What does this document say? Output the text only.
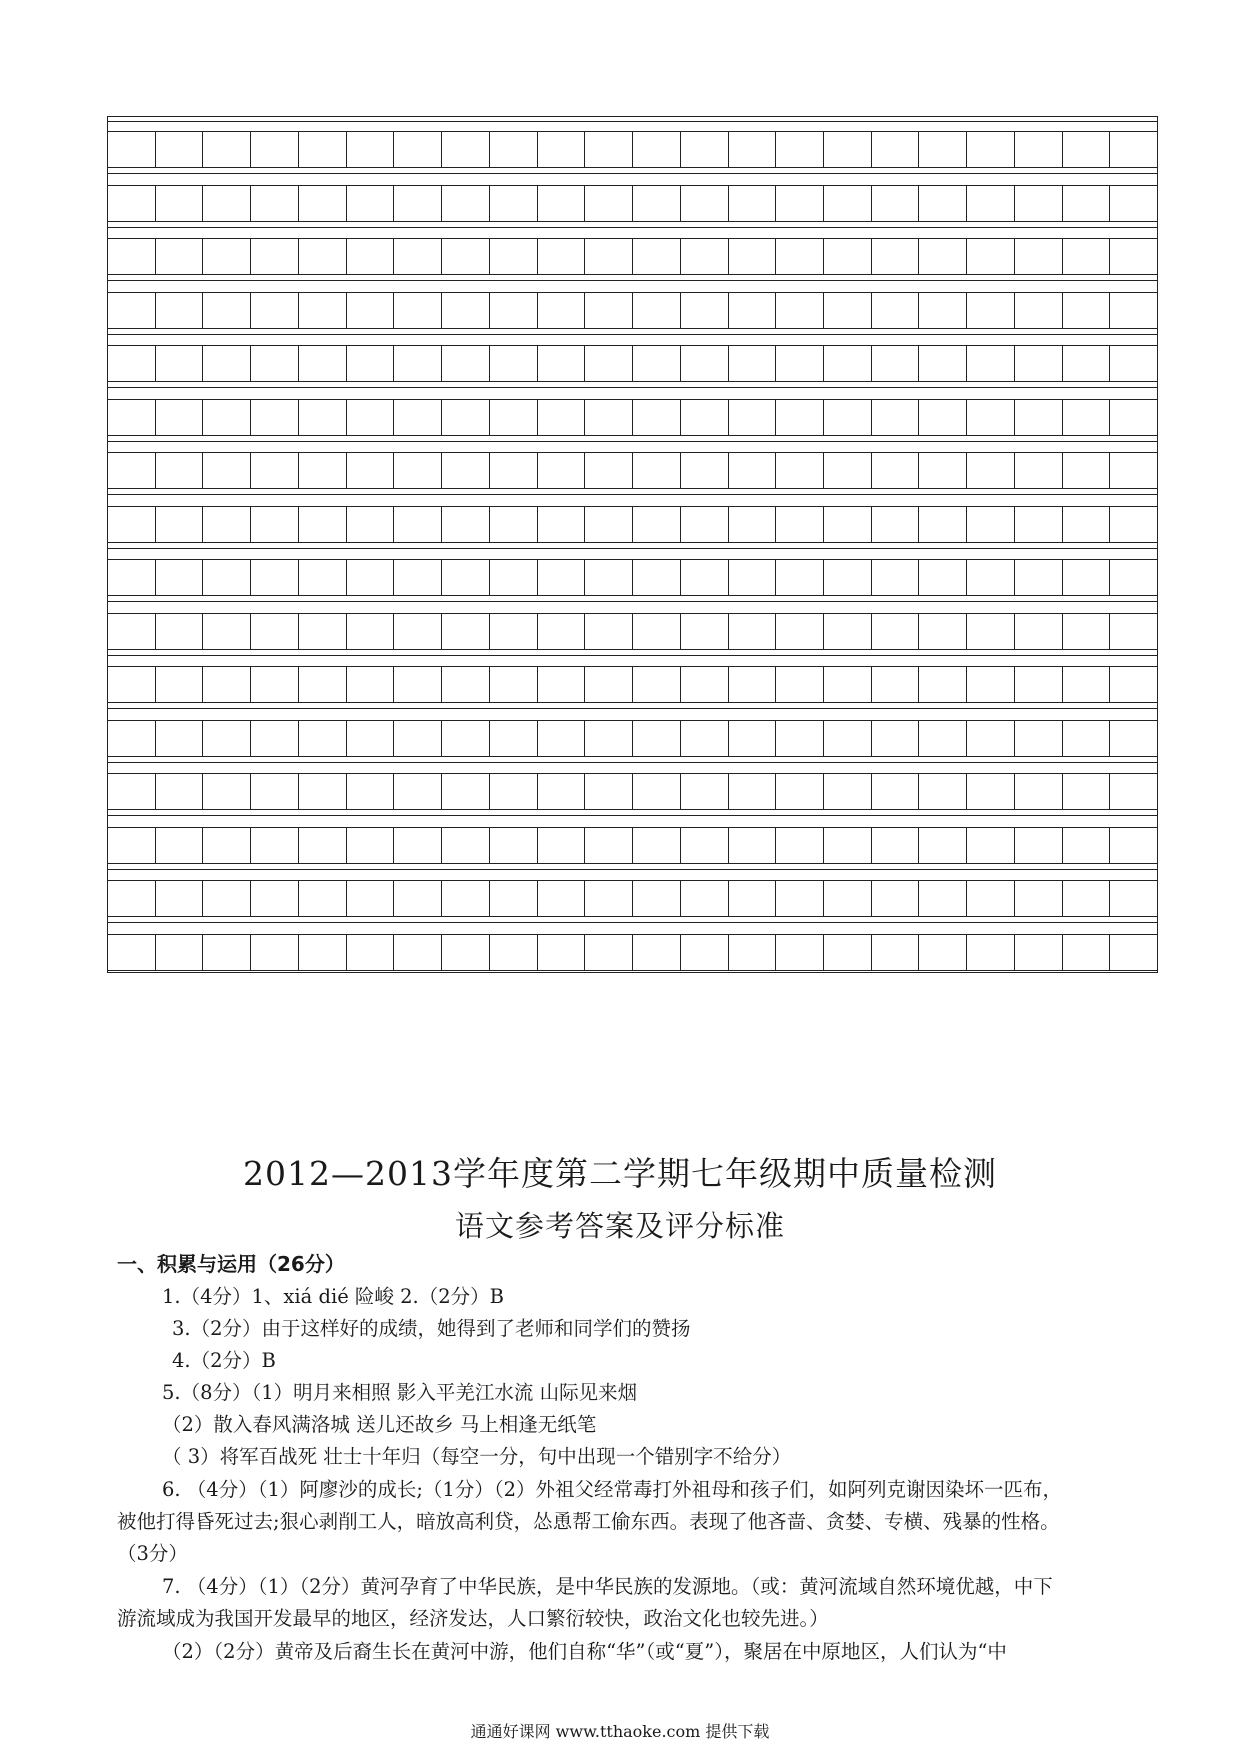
2012—2013学年度第二学期七年级期中质量检测
语文参考答案及评分标准
一、积累与运用（26分）
1.（4分）1、xiá dié 险峻 2.（2分）B
3.（2分）由于这样好的成绩，她得到了老师和同学们的赞扬
4.（2分）B
5.（8分）（1）明月来相照 影入平羌江水流 山际见来烟
（2）散入春风满洛城 送儿还故乡 马上相逢无纸笔
（ 3）将军百战死 壮士十年归（每空一分，句中出现一个错别字不给分）
6. （4分）（1）阿廖沙的成长;（1分）（2）外祖父经常毒打外祖母和孩子们，如阿列克谢因染坏一匹布，
被他打得昏死过去;狠心剥削工人，暗放高利贷，怂恿帮工偷东西。表现了他吝啬、贪婪、专横、残暴的性格。
（3分）
7. （4分）（1）（2分）黄河孕育了中华民族，是中华民族的发源地。（或：黄河流域自然环境优越，中下
游流域成为我国开发最早的地区，经济发达，人口繁衍较快，政治文化也较先进。）
（2）（2分）黄帝及后裔生长在黄河中游，他们自称“华”（或“夏”），聚居在中原地区，人们认为“中
通通好课网 www.tthaoke.com 提供下载
